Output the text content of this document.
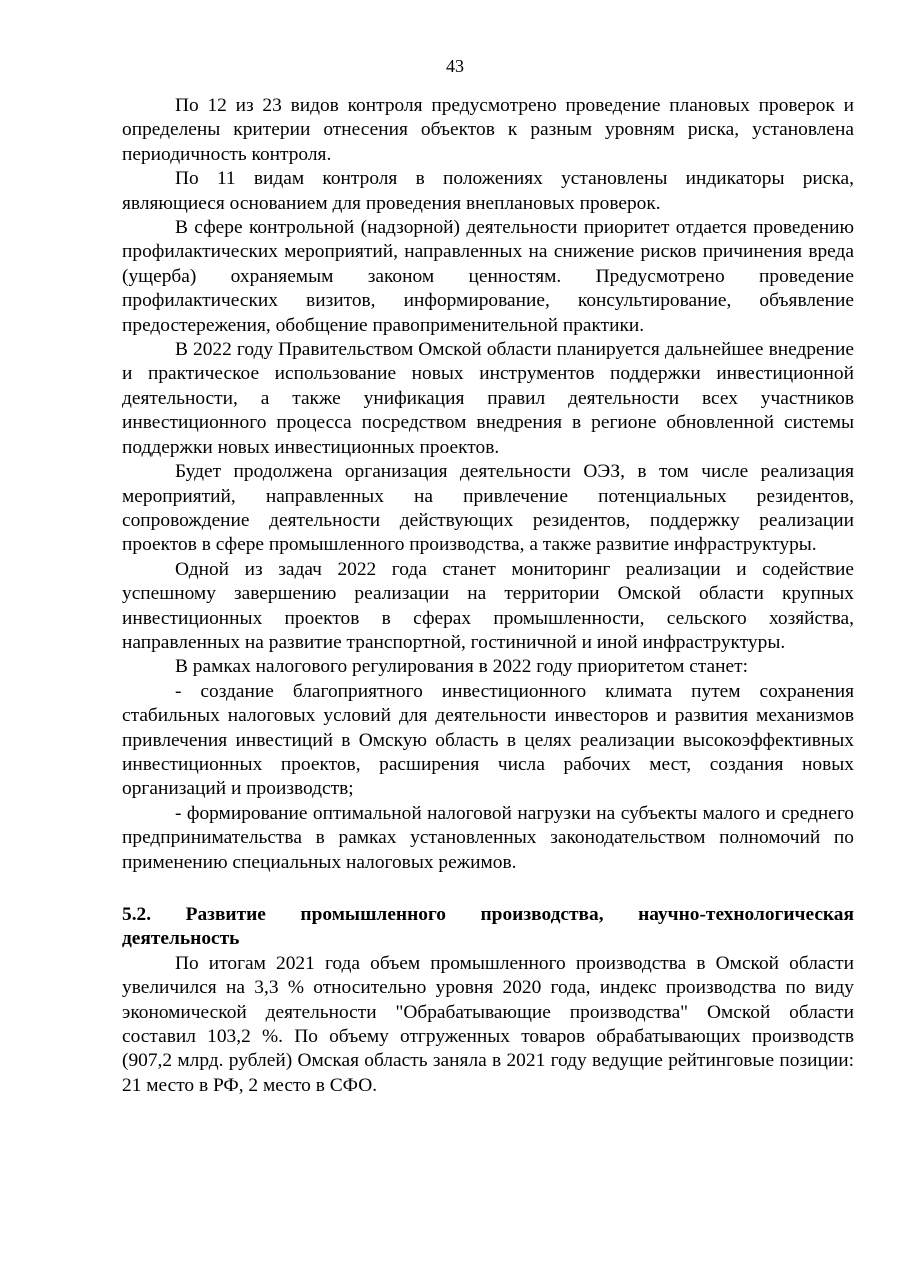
43

По 12 из 23 видов контроля предусмотрено проведение плановых проверок и определены критерии отнесения объектов к разным уровням риска, установлена периодичность контроля.

По 11 видам контроля в положениях установлены индикаторы риска, являющиеся основанием для проведения внеплановых проверок.

В сфере контрольной (надзорной) деятельности приоритет отдается проведению профилактических мероприятий, направленных на снижение рисков причинения вреда (ущерба) охраняемым законом ценностям. Предусмотрено проведение профилактических визитов, информирование, консультирование, объявление предостережения, обобщение правоприменительной практики.

В 2022 году Правительством Омской области планируется дальнейшее внедрение и практическое использование новых инструментов поддержки инвестиционной деятельности, а также унификация правил деятельности всех участников инвестиционного процесса посредством внедрения в регионе обновленной системы поддержки новых инвестиционных проектов.

Будет продолжена организация деятельности ОЭЗ, в том числе реализация мероприятий, направленных на привлечение потенциальных резидентов, сопровождение деятельности действующих резидентов, поддержку реализации проектов в сфере промышленного производства, а также развитие инфраструктуры.

Одной из задач 2022 года станет мониторинг реализации и содействие успешному завершению реализации на территории Омской области крупных инвестиционных проектов в сферах промышленности, сельского хозяйства, направленных на развитие транспортной, гостиничной и иной инфраструктуры.

В рамках налогового регулирования в 2022 году приоритетом станет:

- создание благоприятного инвестиционного климата путем сохранения стабильных налоговых условий для деятельности инвесторов и развития механизмов привлечения инвестиций в Омскую область в целях реализации высокоэффективных инвестиционных проектов, расширения числа рабочих мест, создания новых организаций и производств;

- формирование оптимальной налоговой нагрузки на субъекты малого и среднего предпринимательства в рамках установленных законодательством полномочий по применению специальных налоговых режимов.

5.2. Развитие промышленного производства, научно-технологическая деятельность

По итогам 2021 года объем промышленного производства в Омской области увеличился на 3,3 % относительно уровня 2020 года, индекс производства по виду экономической деятельности "Обрабатывающие производства" Омской области составил 103,2 %. По объему отгруженных товаров обрабатывающих производств (907,2 млрд. рублей) Омская область заняла в 2021 году ведущие рейтинговые позиции: 21 место в РФ, 2 место в СФО.
